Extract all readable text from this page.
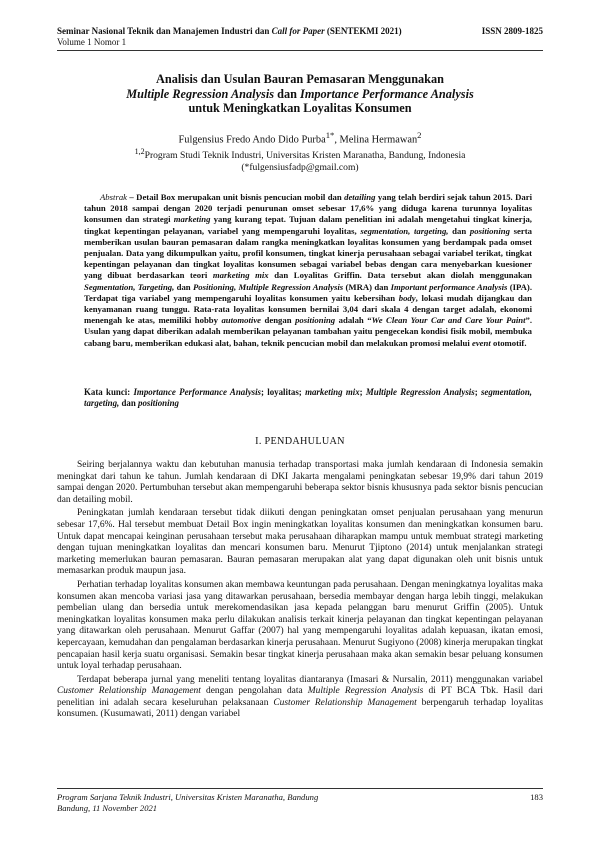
Seminar Nasional Teknik dan Manajemen Industri dan Call for Paper (SENTEKMI 2021)	ISSN 2809-1825
Volume 1 Nomor 1
Analisis dan Usulan Bauran Pemasaran Menggunakan
Multiple Regression Analysis dan Importance Performance Analysis
untuk Meningkatkan Loyalitas Konsumen
Fulgensius Fredo Ando Dido Purba$^{1*}$, Melina Hermawan$^2$
$^{1,2}$Program Studi Teknik Industri, Universitas Kristen Maranatha, Bandung, Indonesia
(*fulgensiusfadp@gmail.com)
Abstrak – Detail Box merupakan unit bisnis pencucian mobil dan detailing yang telah berdiri sejak tahun 2015. Dari tahun 2018 sampai dengan 2020 terjadi penurunan omset sebesar 17,6% yang diduga karena turunnya loyalitas konsumen dan strategi marketing yang kurang tepat. Tujuan dalam penelitian ini adalah mengetahui tingkat kinerja, tingkat kepentingan pelayanan, variabel yang mempengaruhi loyalitas, segmentation, targeting, dan positioning serta memberikan usulan bauran pemasaran dalam rangka meningkatkan loyalitas konsumen yang berdampak pada omset penjualan. Data yang dikumpulkan yaitu, profil konsumen, tingkat kinerja perusahaan sebagai variabel terikat, tingkat kepentingan pelayanan dan tingkat loyalitas konsumen sebagai variabel bebas dengan cara menyebarkan kuesioner yang dibuat berdasarkan teori marketing mix dan Loyalitas Griffin. Data tersebut akan diolah menggunakan Segmentation, Targeting, dan Positioning, Multiple Regression Analysis (MRA) dan Important performance Analysis (IPA). Terdapat tiga variabel yang mempengaruhi loyalitas konsumen yaitu kebersihan body, lokasi mudah dijangkau dan kenyamanan ruang tunggu. Rata-rata loyalitas konsumen bernilai 3,04 dari skala 4 dengan target adalah, ekonomi menengah ke atas, memiliki hobby automotive dengan positioning adalah “We Clean Your Car and Care Your Paint”. Usulan yang dapat diberikan adalah memberikan pelayanan tambahan yaitu pengecekan kondisi fisik mobil, membuka cabang baru, memberikan edukasi alat, bahan, teknik pencucian mobil dan melakukan promosi melalui event otomotif.
Kata kunci: Importance Performance Analysis; loyalitas; marketing mix; Multiple Regression Analysis; segmentation, targeting, dan positioning
I. PENDAHULUAN

Seiring berjalannya waktu dan kebutuhan manusia terhadap transportasi maka jumlah kendaraan di Indonesia semakin meningkat dari tahun ke tahun. Jumlah kendaraan di DKI Jakarta mengalami peningkatan sebesar 19,9% dari tahun 2019 sampai dengan 2020. Pertumbuhan tersebut akan mempengaruhi beberapa sektor bisnis khususnya pada sektor bisnis pencucian dan detailing mobil.

Peningkatan jumlah kendaraan tersebut tidak diikuti dengan peningkatan omset penjualan perusahaan yang menurun sebesar 17,6%. Hal tersebut membuat Detail Box ingin meningkatkan loyalitas konsumen dan meningkatkan konsumen baru. Untuk dapat mencapai keinginan perusahaan tersebut maka perusahaan diharapkan mampu untuk membuat strategi marketing dengan tujuan meningkatkan loyalitas dan mencari konsumen baru. Menurut Tjiptono (2014) untuk menjalankan strategi marketing memerlukan bauran pemasaran. Bauran pemasaran merupakan alat yang dapat digunakan oleh unit bisnis untuk memasarkan produk maupun jasa.

Perhatian terhadap loyalitas konsumen akan membawa keuntungan pada perusahaan. Dengan meningkatnya loyalitas maka konsumen akan mencoba variasi jasa yang ditawarkan perusahaan, bersedia membayar dengan harga lebih tinggi, melakukan pembelian ulang dan bersedia untuk merekomendasikan jasa kepada pelanggan baru menurut Griffin (2005). Untuk meningkatkan loyalitas konsumen maka perlu dilakukan analisis terkait kinerja pelayanan dan tingkat kepentingan pelayanan yang ditawarkan oleh perusahaan. Menurut Gaffar (2007) hal yang mempengaruhi loyalitas adalah kepuasan, ikatan emosi, kepercayaan, kemudahan dan pengalaman berdasarkan kinerja perusahaan. Menurut Sugiyono (2008) kinerja merupakan tingkat pencapaian hasil kerja suatu organisasi. Semakin besar tingkat kinerja perusahaan maka akan semakin besar peluang konsumen untuk loyal terhadap perusahaan.

Terdapat beberapa jurnal yang meneliti tentang loyalitas diantaranya (Imasari & Nursalin, 2011) menggunakan variabel Customer Relationship Management dengan pengolahan data Multiple Regression Analysis di PT BCA Tbk. Hasil dari penelitian ini adalah secara keseluruhan pelaksanaan Customer Relationship Management berpengaruh terhadap loyalitas konsumen. (Kusumawati, 2011) dengan variabel

Program Sarjana Teknik Industri, Universitas Kristen Maranatha, Bandung	183
Bandung, 11 November 2021
